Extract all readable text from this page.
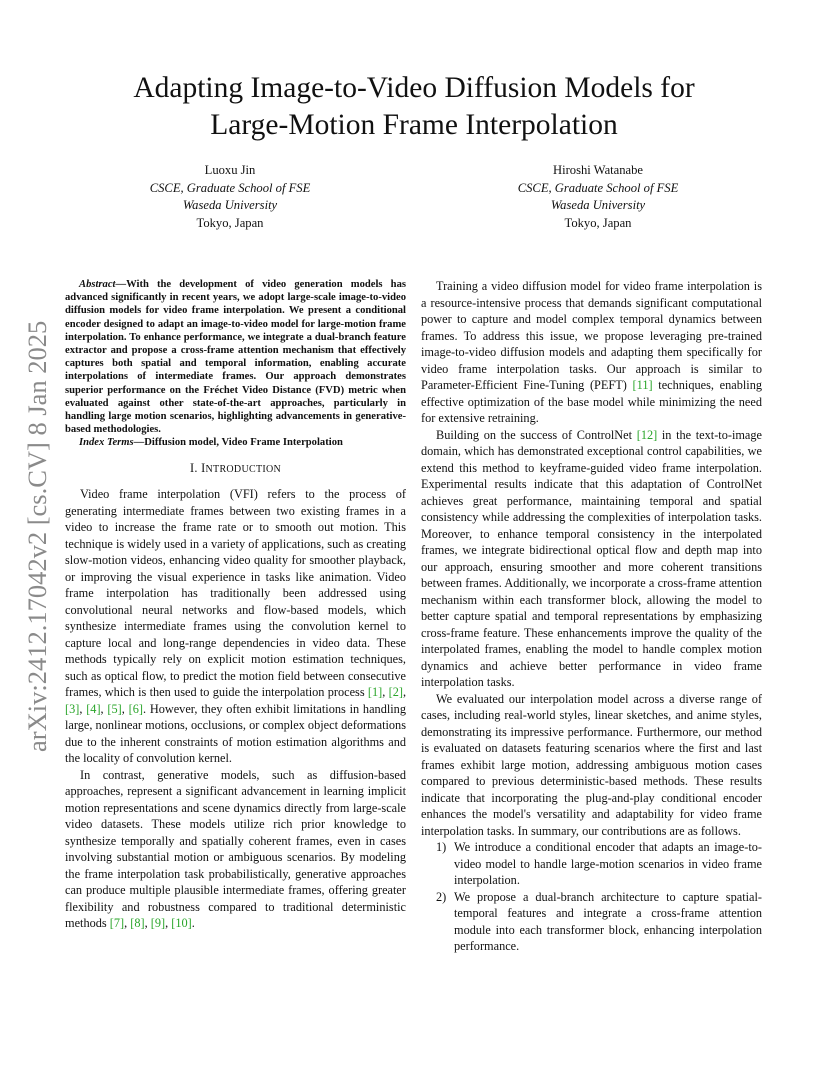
arXiv:2412.17042v2 [cs.CV] 8 Jan 2025
Adapting Image-to-Video Diffusion Models for
Large-Motion Frame Interpolation
Luoxu Jin
CSCE, Graduate School of FSE
Waseda University
Tokyo, Japan
Hiroshi Watanabe
CSCE, Graduate School of FSE
Waseda University
Tokyo, Japan

Abstract—With the development of video generation models has advanced significantly in recent years, we adopt large-scale image-to-video diffusion models for video frame interpolation. We present a conditional encoder designed to adapt an image-to-video model for large-motion frame interpolation. To enhance performance, we integrate a dual-branch feature extractor and propose a cross-frame attention mechanism that effectively captures both spatial and temporal information, enabling accurate interpolations of intermediate frames. Our approach demonstrates superior performance on the Fréchet Video Distance (FVD) metric when evaluated against other state-of-the-art approaches, particularly in handling large motion scenarios, highlighting advancements in generative-based methodologies.

Index Terms—Diffusion model, Video Frame Interpolation

I. INTRODUCTION

Video frame interpolation (VFI) refers to the process of generating intermediate frames between two existing frames in a video to increase the frame rate or to smooth out motion. This technique is widely used in a variety of applications, such as creating slow-motion videos, enhancing video quality for smoother playback, or improving the visual experience in tasks like animation. Video frame interpolation has traditionally been addressed using convolutional neural networks and flow-based models, which synthesize intermediate frames using the convolution kernel to capture local and long-range dependencies in video data. These methods typically rely on explicit motion estimation techniques, such as optical flow, to predict the motion field between consecutive frames, which is then used to guide the interpolation process [1], [2], [3], [4], [5], [6]. However, they often exhibit limitations in handling large, nonlinear motions, occlusions, or complex object deformations due to the inherent constraints of motion estimation algorithms and the locality of convolution kernel.

In contrast, generative models, such as diffusion-based approaches, represent a significant advancement in learning implicit motion representations and scene dynamics directly from large-scale video datasets. These models utilize rich prior knowledge to synthesize temporally and spatially coherent frames, even in cases involving substantial motion or ambiguous scenarios. By modeling the frame interpolation task probabilistically, generative approaches can produce multiple plausible intermediate frames, offering greater flexibility and robustness compared to traditional deterministic methods [7], [8], [9], [10].

Training a video diffusion model for video frame interpolation is a resource-intensive process that demands significant computational power to capture and model complex temporal dynamics between frames. To address this issue, we propose leveraging pre-trained image-to-video diffusion models and adapting them specifically for video frame interpolation tasks. Our approach is similar to Parameter-Efficient Fine-Tuning (PEFT) [11] techniques, enabling effective optimization of the base model while minimizing the need for extensive retraining.

Building on the success of ControlNet [12] in the text-to-image domain, which has demonstrated exceptional control capabilities, we extend this method to keyframe-guided video frame interpolation. Experimental results indicate that this adaptation of ControlNet achieves great performance, maintaining temporal and spatial consistency while addressing the complexities of interpolation tasks. Moreover, to enhance temporal consistency in the interpolated frames, we integrate bidirectional optical flow and depth map into our approach, ensuring smoother and more coherent transitions between frames. Additionally, we incorporate a cross-frame attention mechanism within each transformer block, allowing the model to better capture spatial and temporal representations by emphasizing cross-frame feature. These enhancements improve the quality of the interpolated frames, enabling the model to handle complex motion dynamics and achieve better performance in video frame interpolation tasks.

We evaluated our interpolation model across a diverse range of cases, including real-world styles, linear sketches, and anime styles, demonstrating its impressive performance. Furthermore, our method is evaluated on datasets featuring scenarios where the first and last frames exhibit large motion, addressing ambiguous motion cases compared to previous deterministic-based methods. These results indicate that incorporating the plug-and-play conditional encoder enhances the model's versatility and adaptability for video frame interpolation tasks. In summary, our contributions are as follows.

1) We introduce a conditional encoder that adapts an image-to-video model to handle large-motion scenarios in video frame interpolation.
2) We propose a dual-branch architecture to capture spatial-temporal features and integrate a cross-frame attention module into each transformer block, enhancing interpolation performance.
